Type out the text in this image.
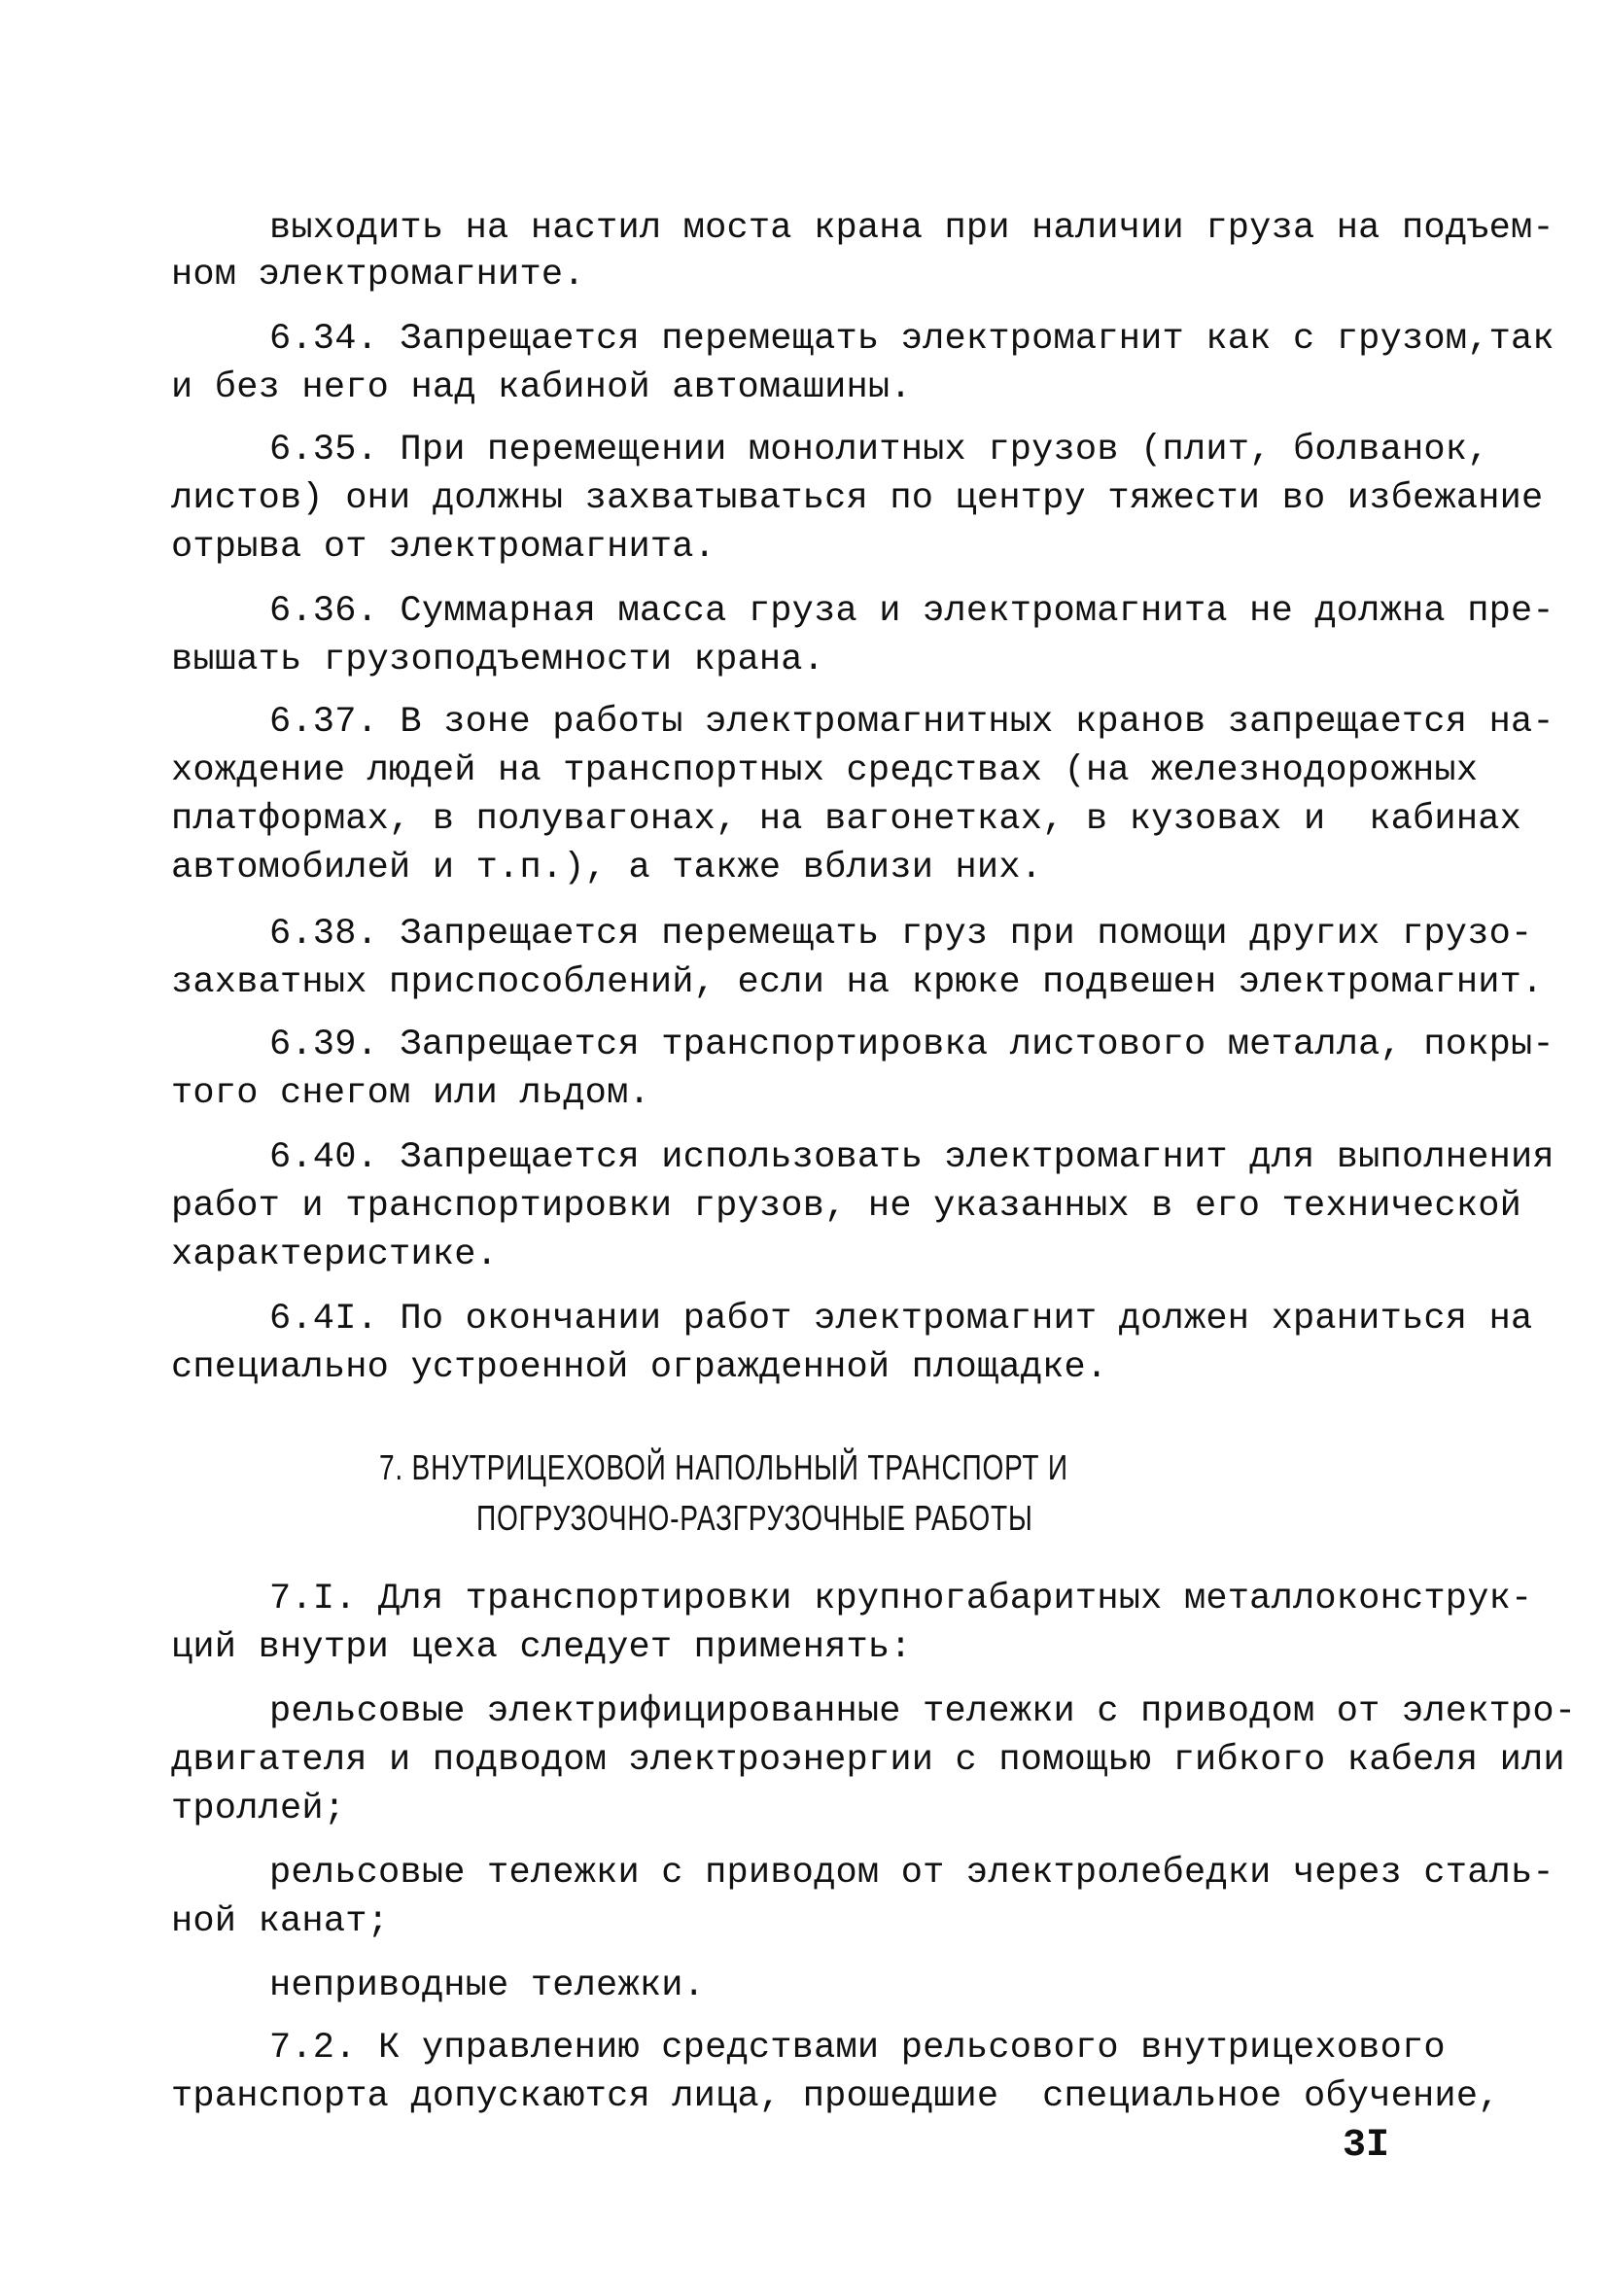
выходить на настил моста крана при наличии груза на подъем-
ном электромагните.
6.34. Запрещается перемещать электромагнит как с грузом,так
и без него над кабиной автомашины.
6.35. При перемещении монолитных грузов (плит, болванок,
листов) они должны захватываться по центру тяжести во избежание
отрыва от электромагнита.
6.36. Суммарная масса груза и электромагнита не должна пре-
вышать грузоподъемности крана.
6.37. В зоне работы электромагнитных кранов запрещается на-
хождение людей на транспортных средствах (на железнодорожных
платформах, в полувагонах, на вагонетках, в кузовах и  кабинах
автомобилей и т.п.), а также вблизи них.
6.38. Запрещается перемещать груз при помощи других грузо-
захватных приспособлений, если на крюке подвешен электромагнит.
6.39. Запрещается транспортировка листового металла, покры-
того снегом или льдом.
6.40. Запрещается использовать электромагнит для выполнения
работ и транспортировки грузов, не указанных в его технической
характеристике.
6.4I. По окончании работ электромагнит должен храниться на
специально устроенной огражденной площадке.
7. ВНУТРИЦЕХОВОЙ НАПОЛЬНЫЙ ТРАНСПОРТ И
ПОГРУЗОЧНО-РАЗГРУЗОЧНЫЕ РАБОТЫ
7.I. Для транспортировки крупногабаритных металлоконструк-
ций внутри цеха следует применять:
рельсовые электрифицированные тележки с приводом от электро-
двигателя и подводом электроэнергии с помощью гибкого кабеля или
троллей;
рельсовые тележки с приводом от электролебедки через сталь-
ной канат;
неприводные тележки.
7.2. К управлению средствами рельсового внутрицехового
транспорта допускаются лица, прошедшие  специальное обучение,
3I
